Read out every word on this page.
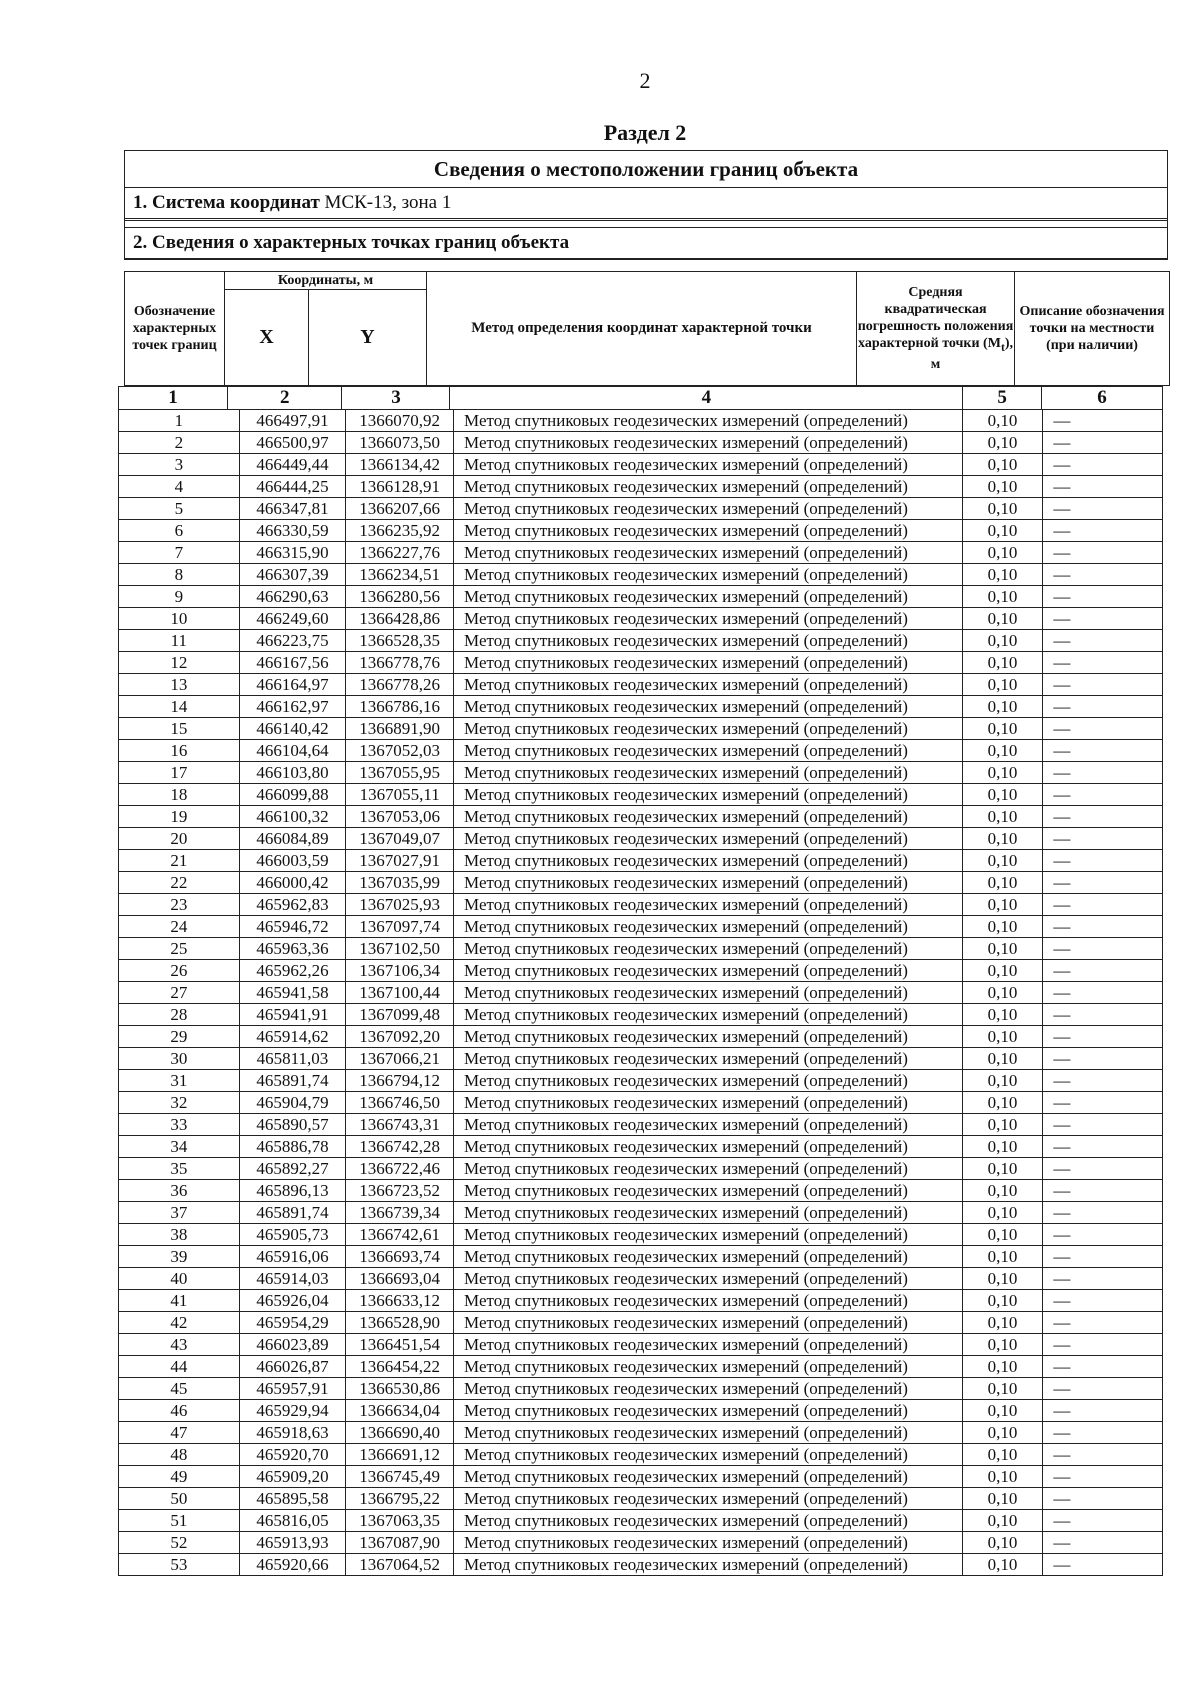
2
Раздел 2
Сведения о местоположении границ объекта
1. Система координат МСК-13, зона 1
2. Сведения о характерных точках границ объекта
Обозначение характерных точек границ	Координаты, м		Метод определения координат характерной точки	Средняя квадратическая погрешность положения характерной точки $(M_t)$, м	Описание обозначения точки на местности (при наличии)
	X	Y			
1	2	3	4	5	6
1	466497,91	1366070,92	Метод спутниковых геодезических измерений (определений)	0,10	—
2	466500,97	1366073,50	Метод спутниковых геодезических измерений (определений)	0,10	—
3	466449,44	1366134,42	Метод спутниковых геодезических измерений (определений)	0,10	—
4	466444,25	1366128,91	Метод спутниковых геодезических измерений (определений)	0,10	—
5	466347,81	1366207,66	Метод спутниковых геодезических измерений (определений)	0,10	—
6	466330,59	1366235,92	Метод спутниковых геодезических измерений (определений)	0,10	—
7	466315,90	1366227,76	Метод спутниковых геодезических измерений (определений)	0,10	—
8	466307,39	1366234,51	Метод спутниковых геодезических измерений (определений)	0,10	—
9	466290,63	1366280,56	Метод спутниковых геодезических измерений (определений)	0,10	—
10	466249,60	1366428,86	Метод спутниковых геодезических измерений (определений)	0,10	—
11	466223,75	1366528,35	Метод спутниковых геодезических измерений (определений)	0,10	—
12	466167,56	1366778,76	Метод спутниковых геодезических измерений (определений)	0,10	—
13	466164,97	1366778,26	Метод спутниковых геодезических измерений (определений)	0,10	—
14	466162,97	1366786,16	Метод спутниковых геодезических измерений (определений)	0,10	—
15	466140,42	1366891,90	Метод спутниковых геодезических измерений (определений)	0,10	—
16	466104,64	1367052,03	Метод спутниковых геодезических измерений (определений)	0,10	—
17	466103,80	1367055,95	Метод спутниковых геодезических измерений (определений)	0,10	—
18	466099,88	1367055,11	Метод спутниковых геодезических измерений (определений)	0,10	—
19	466100,32	1367053,06	Метод спутниковых геодезических измерений (определений)	0,10	—
20	466084,89	1367049,07	Метод спутниковых геодезических измерений (определений)	0,10	—
21	466003,59	1367027,91	Метод спутниковых геодезических измерений (определений)	0,10	—
22	466000,42	1367035,99	Метод спутниковых геодезических измерений (определений)	0,10	—
23	465962,83	1367025,93	Метод спутниковых геодезических измерений (определений)	0,10	—
24	465946,72	1367097,74	Метод спутниковых геодезических измерений (определений)	0,10	—
25	465963,36	1367102,50	Метод спутниковых геодезических измерений (определений)	0,10	—
26	465962,26	1367106,34	Метод спутниковых геодезических измерений (определений)	0,10	—
27	465941,58	1367100,44	Метод спутниковых геодезических измерений (определений)	0,10	—
28	465941,91	1367099,48	Метод спутниковых геодезических измерений (определений)	0,10	—
29	465914,62	1367092,20	Метод спутниковых геодезических измерений (определений)	0,10	—
30	465811,03	1367066,21	Метод спутниковых геодезических измерений (определений)	0,10	—
31	465891,74	1366794,12	Метод спутниковых геодезических измерений (определений)	0,10	—
32	465904,79	1366746,50	Метод спутниковых геодезических измерений (определений)	0,10	—
33	465890,57	1366743,31	Метод спутниковых геодезических измерений (определений)	0,10	—
34	465886,78	1366742,28	Метод спутниковых геодезических измерений (определений)	0,10	—
35	465892,27	1366722,46	Метод спутниковых геодезических измерений (определений)	0,10	—
36	465896,13	1366723,52	Метод спутниковых геодезических измерений (определений)	0,10	—
37	465891,74	1366739,34	Метод спутниковых геодезических измерений (определений)	0,10	—
38	465905,73	1366742,61	Метод спутниковых геодезических измерений (определений)	0,10	—
39	465916,06	1366693,74	Метод спутниковых геодезических измерений (определений)	0,10	—
40	465914,03	1366693,04	Метод спутниковых геодезических измерений (определений)	0,10	—
41	465926,04	1366633,12	Метод спутниковых геодезических измерений (определений)	0,10	—
42	465954,29	1366528,90	Метод спутниковых геодезических измерений (определений)	0,10	—
43	466023,89	1366451,54	Метод спутниковых геодезических измерений (определений)	0,10	—
44	466026,87	1366454,22	Метод спутниковых геодезических измерений (определений)	0,10	—
45	465957,91	1366530,86	Метод спутниковых геодезических измерений (определений)	0,10	—
46	465929,94	1366634,04	Метод спутниковых геодезических измерений (определений)	0,10	—
47	465918,63	1366690,40	Метод спутниковых геодезических измерений (определений)	0,10	—
48	465920,70	1366691,12	Метод спутниковых геодезических измерений (определений)	0,10	—
49	465909,20	1366745,49	Метод спутниковых геодезических измерений (определений)	0,10	—
50	465895,58	1366795,22	Метод спутниковых геодезических измерений (определений)	0,10	—
51	465816,05	1367063,35	Метод спутниковых геодезических измерений (определений)	0,10	—
52	465913,93	1367087,90	Метод спутниковых геодезических измерений (определений)	0,10	—
53	465920,66	1367064,52	Метод спутниковых геодезических измерений (определений)	0,10	—
